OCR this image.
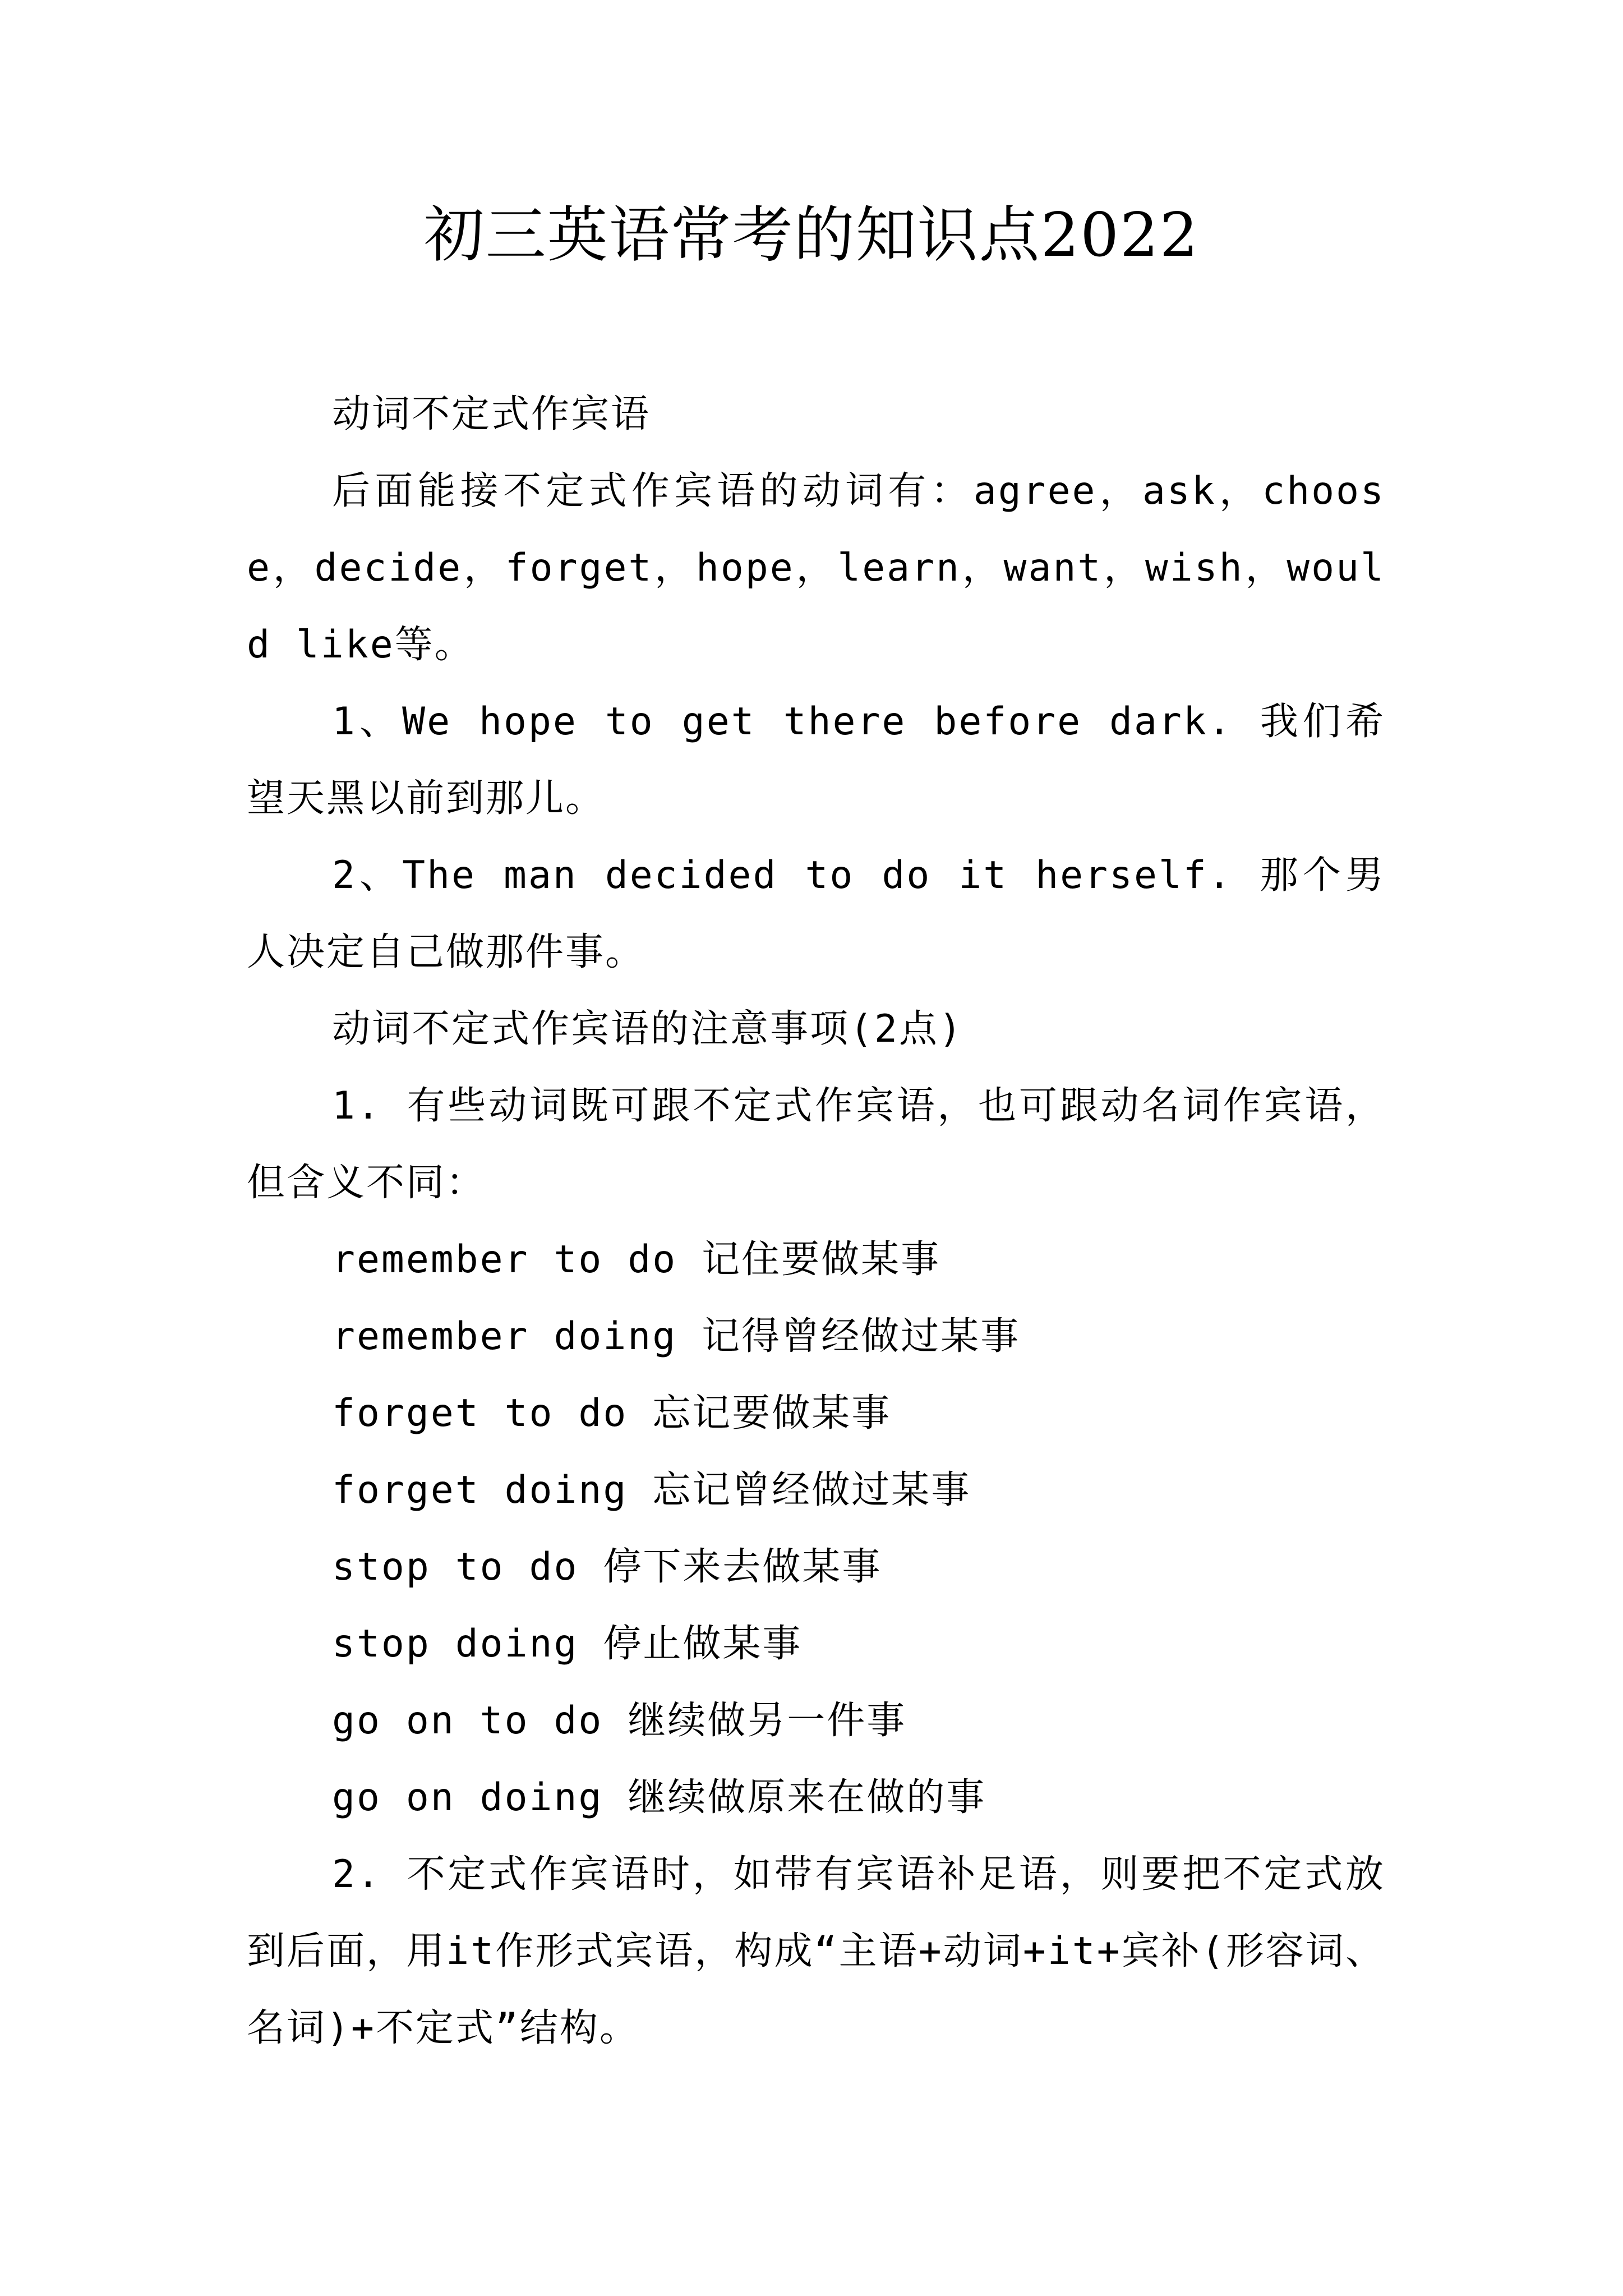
初三英语常考的知识点2022

动词不定式作宾语

后面能接不定式作宾语的动词有：agree，ask，choose，decide，forget，hope，learn，want，wish，would like等。

1、We hope to get there before dark. 我们希望天黑以前到那儿。

2、The man decided to do it herself. 那个男人决定自己做那件事。

动词不定式作宾语的注意事项(2点)

1. 有些动词既可跟不定式作宾语，也可跟动名词作宾语，但含义不同：

remember to do 记住要做某事

remember doing 记得曾经做过某事

forget to do 忘记要做某事

forget doing 忘记曾经做过某事

stop to do 停下来去做某事

stop doing 停止做某事

go on to do 继续做另一件事

go on doing 继续做原来在做的事

2. 不定式作宾语时，如带有宾语补足语，则要把不定式放到后面，用it作形式宾语，构成“主语+动词+it+宾补(形容词、名词)+不定式”结构。
